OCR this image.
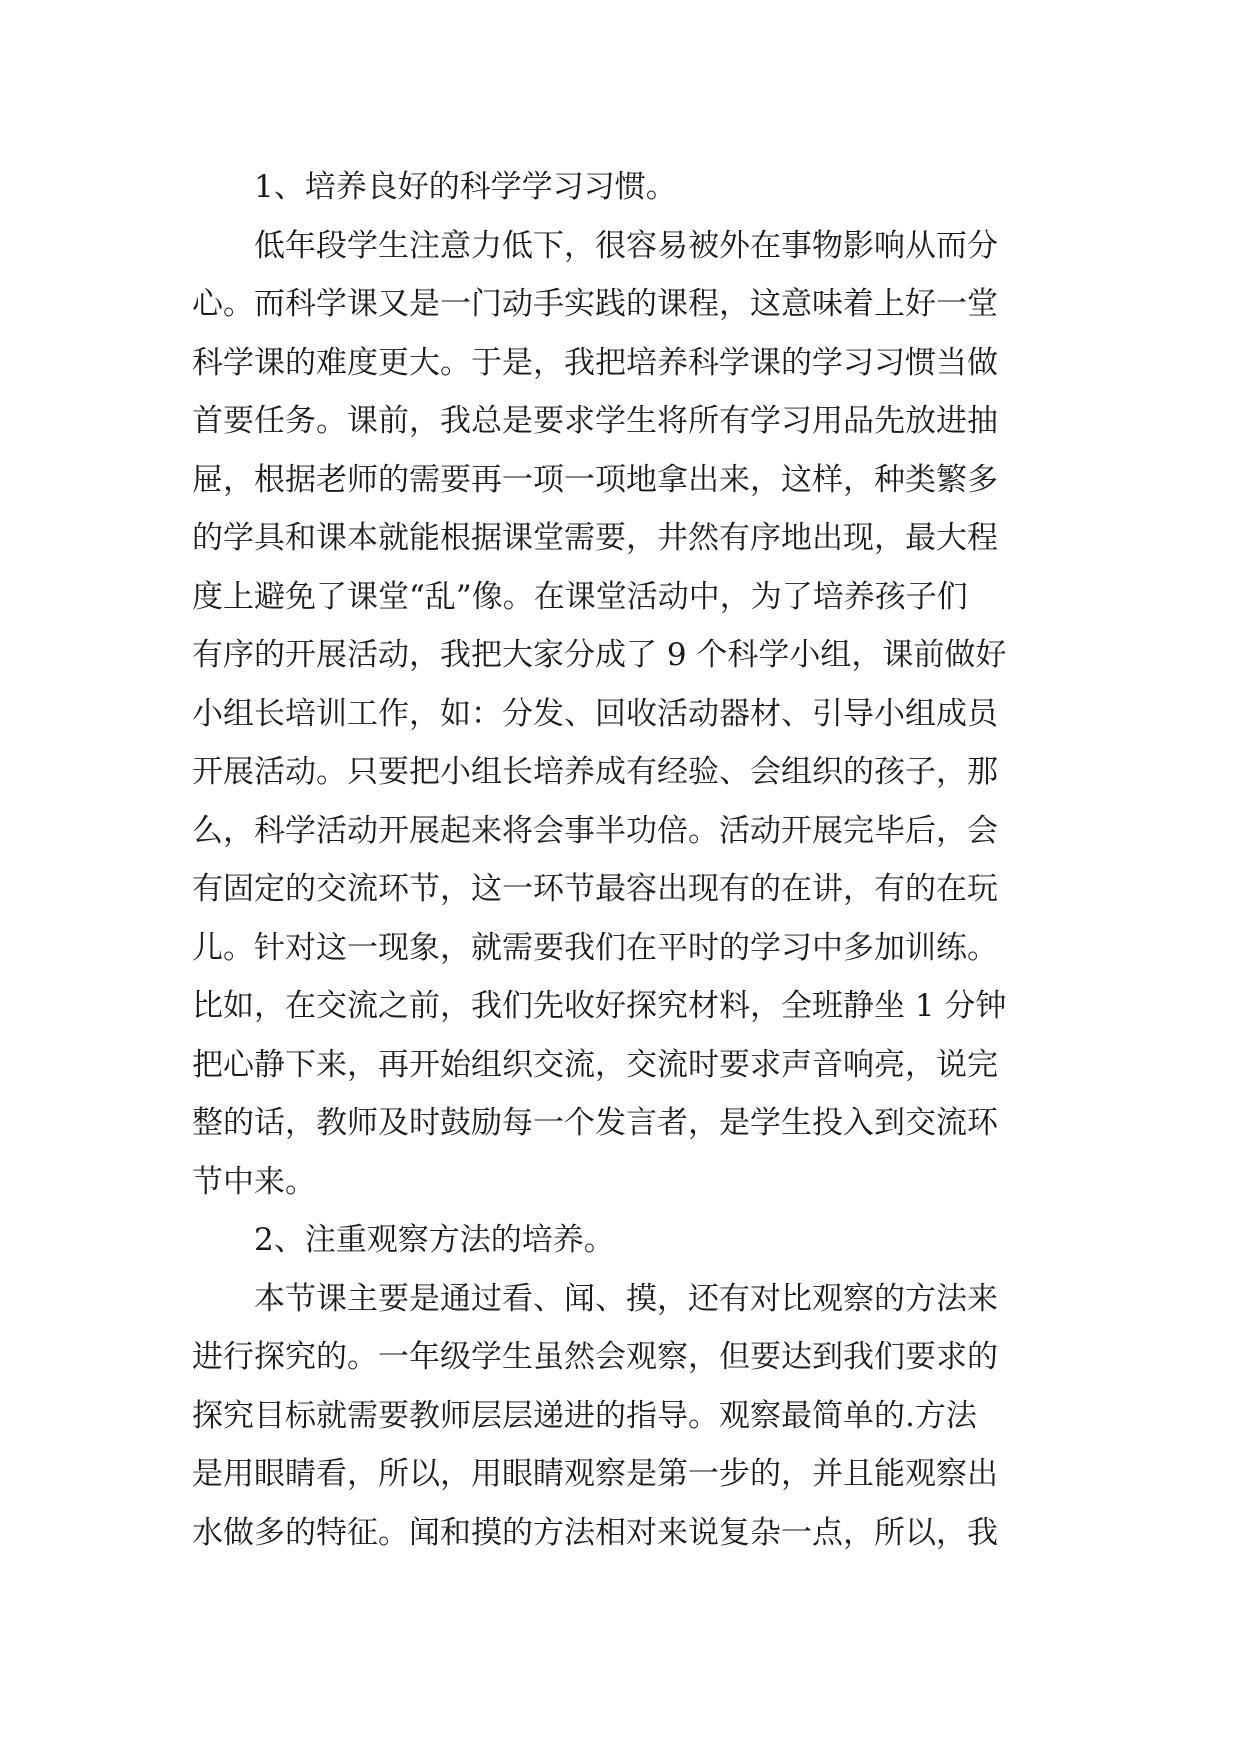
1、培养良好的科学学习习惯。
低年段学生注意力低下，很容易被外在事物影响从而分
心。而科学课又是一门动手实践的课程，这意味着上好一堂
科学课的难度更大。于是，我把培养科学课的学习习惯当做
首要任务。课前，我总是要求学生将所有学习用品先放进抽
屉，根据老师的需要再一项一项地拿出来，这样，种类繁多
的学具和课本就能根据课堂需要，井然有序地出现，最大程
度上避免了课堂“乱”像。在课堂活动中，为了培养孩子们
有序的开展活动，我把大家分成了 9 个科学小组，课前做好
小组长培训工作，如：分发、回收活动器材、引导小组成员
开展活动。只要把小组长培养成有经验、会组织的孩子，那
么，科学活动开展起来将会事半功倍。活动开展完毕后，会
有固定的交流环节，这一环节最容出现有的在讲，有的在玩
儿。针对这一现象，就需要我们在平时的学习中多加训练。
比如，在交流之前，我们先收好探究材料，全班静坐 1 分钟
把心静下来，再开始组织交流，交流时要求声音响亮，说完
整的话，教师及时鼓励每一个发言者，是学生投入到交流环
节中来。
2、注重观察方法的培养。
本节课主要是通过看、闻、摸，还有对比观察的方法来
进行探究的。一年级学生虽然会观察，但要达到我们要求的
探究目标就需要教师层层递进的指导。观察最简单的.方法
是用眼睛看，所以，用眼睛观察是第一步的，并且能观察出
水做多的特征。闻和摸的方法相对来说复杂一点，所以，我
